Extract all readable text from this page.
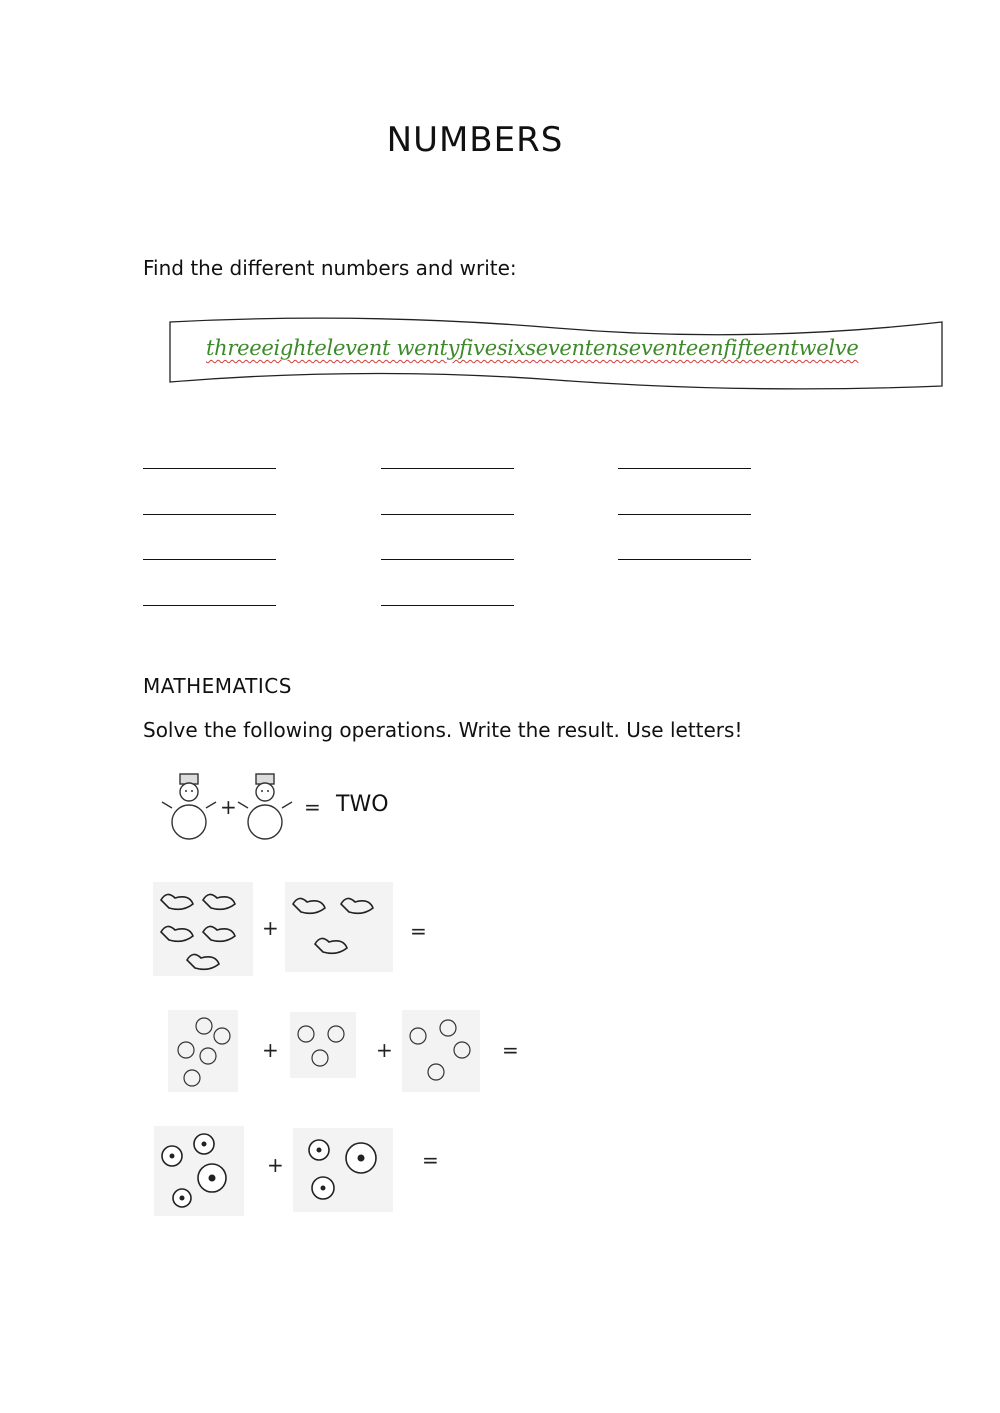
NUMBERS
Find the different numbers and write:
threeeightelevent wentyfivesixseventenseventeenfifteentwelve
MATHEMATICS
Solve the following operations. Write the result. Use letters!
+	= TWO
+	=
+	+	=
+	=
